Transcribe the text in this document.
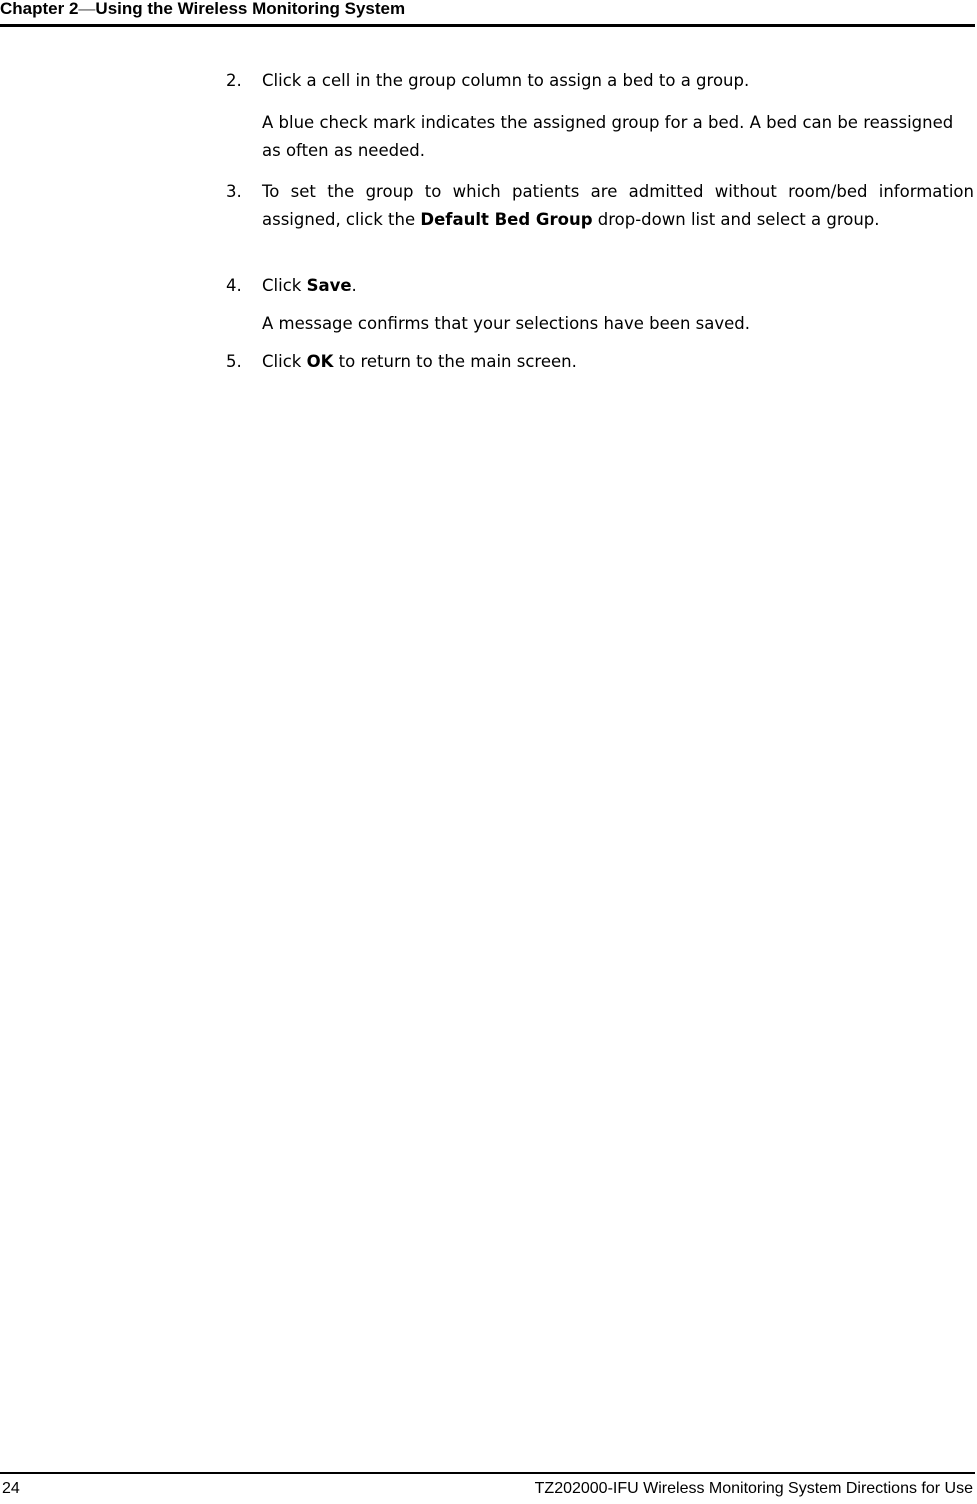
Chapter 2—Using the Wireless Monitoring System
2.	Click a cell in the group column to assign a bed to a group.
A blue check mark indicates the assigned group for a bed. A bed can be reassigned as often as needed.
3.	To set the group to which patients are admitted without room/bed information assigned, click the Default Bed Group drop-down list and select a group.
4.	Click Save.
A message confirms that your selections have been saved.
5.	Click OK to return to the main screen.
24	TZ202000-IFU Wireless Monitoring System Directions for Use
